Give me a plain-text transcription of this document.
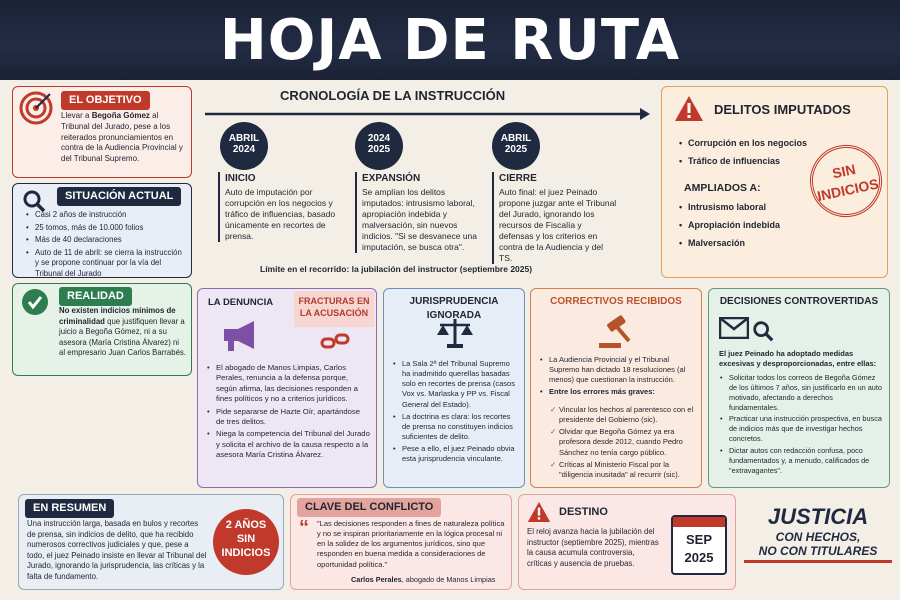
HOJA DE RUTA
EL OBJETIVO
Llevar a Begoña Gómez al Tribunal del Jurado, pese a los reiterados pronunciamientos en contra de la Audiencia Provincial y del Tribunal Supremo.
SITUACIÓN ACTUAL
• Casi 2 años de instrucción
• 25 tomos, más de 10.000 folios
• Más de 40 declaraciones
• Auto de 11 de abril: se cierra la instrucción y se propone continuar por la vía del Tribunal del Jurado
REALIDAD
No existen indicios mínimos de criminalidad que justifiquen llevar a juicio a Begoña Gómez, ni a su asesora (María Cristina Álvarez) ni al empresario Juan Carlos Barrabés.
CRONOLOGÍA DE LA INSTRUCCIÓN
ABRIL
2024
2024
2025
ABRIL
2025
INICIO
Auto de imputación por corrupción en los negocios y tráfico de influencias, basado únicamente en recortes de prensa.
EXPANSIÓN
Se amplían los delitos imputados: intrusismo laboral, apropiación indebida y malversación, sin nuevos indicios. "Si se desvanece una imputación, se busca otra".
CIERRE
Auto final: el juez Peinado propone juzgar ante el Tribunal del Jurado, ignorando los recursos de Fiscalía y defensas y los criterios en contra de la Audiencia y del TS.
Límite en el recorrido: la jubilación del instructor (septiembre 2025)
DELITOS IMPUTADOS
• Corrupción en los negocios
• Tráfico de influencias
AMPLIADOS A:
• Intrusismo laboral
• Apropiación indebida
• Malversación
SIN
INDICIOS
LA DENUNCIA	FRACTURAS EN LA ACUSACIÓN
• El abogado de Manos Limpias, Carlos Perales, renuncia a la defensa porque, según afirma, las decisiones responden a fines políticos y no a criterios jurídicos.
• Pide separarse de Hazte Oír, apartándose de tres delitos.
• Niega la competencia del Tribunal del Jurado y solicita el archivo de la causa respecto a la asesora María Cristina Álvarez.
JURISPRUDENCIA IGNORADA
• La Sala 2ª del Tribunal Supremo ha inadmitido querellas basadas solo en recortes de prensa (casos Vox vs. Marlaska y PP vs. Fiscal General del Estado).
• La doctrina es clara: los recortes de prensa no constituyen indicios suficientes de delito.
• Pese a ello, el juez Peinado obvia esta jurisprudencia vinculante.
CORRECTIVOS RECIBIDOS
• La Audiencia Provincial y el Tribunal Supremo han dictado 18 resoluciones (al menos) que cuestionan la instrucción.
• Entre los errores más graves:
✓ Vincular los hechos al parentesco con el presidente del Gobierno (sic).
✓ Olvidar que Begoña Gómez ya era profesora desde 2012, cuando Pedro Sánchez no tenía cargo público.
✓ Críticas al Ministerio Fiscal por la "diligencia inusitada" al recurrir (sic).
DECISIONES CONTROVERTIDAS
El juez Peinado ha adoptado medidas excesivas y desproporcionadas, entre ellas:
• Solicitar todos los correos de Begoña Gómez de los últimos 7 años, sin justificarlo en un auto motivado, afectando a derechos fundamentales.
• Practicar una instrucción prospectiva, en busca de indicios más que de investigar hechos concretos.
• Dictar autos con redacción confusa, poco fundamentados y, a menudo, calificados de "extravagantes".
EN RESUMEN
Una instrucción larga, basada en bulos y recortes de prensa, sin indicios de delito, que ha recibido numerosos correctivos judiciales y que, pese a todo, el juez Peinado insiste en llevar al Tribunal del Jurado, ignorando la jurisprudencia, las críticas y la falta de fundamento.
2 AÑOS
SIN
INDICIOS
CLAVE DEL CONFLICTO
“ "Las decisiones responden a fines de naturaleza política y no se inspiran prioritariamente en la lógica procesal ni en la solidez de los argumentos jurídicos, sino que responden en buena medida a consideraciones de oportunidad política."
Carlos Perales, abogado de Manos Limpias
DESTINO
El reloj avanza hacia la jubilación del instructor (septiembre 2025), mientras la causa acumula controversia, críticas y ausencia de pruebas.
SEP
2025
JUSTICIA
CON HECHOS,
NO CON TITULARES
